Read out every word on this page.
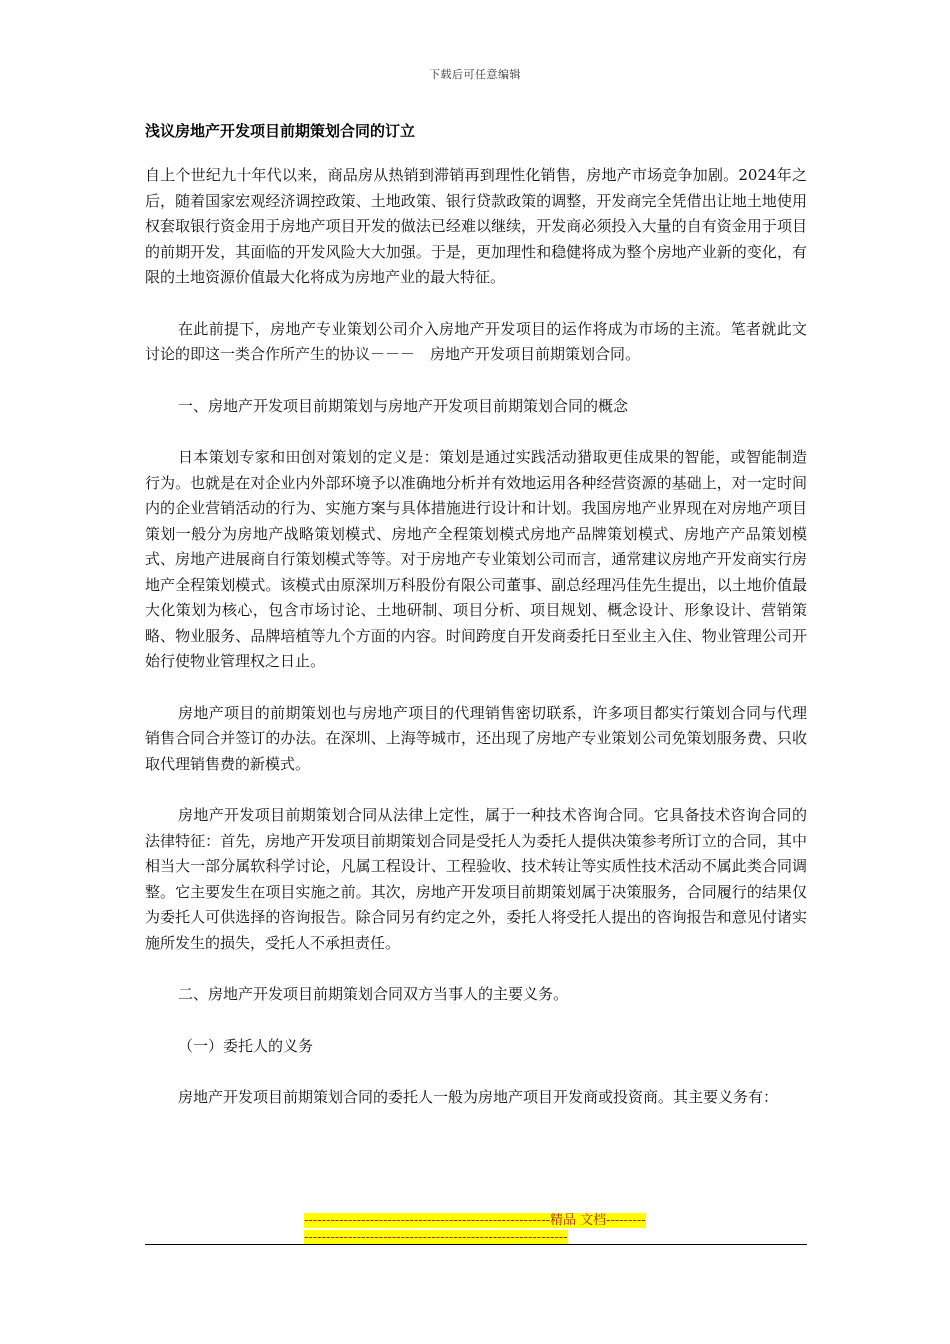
下载后可任意编辑
浅议房地产开发项目前期策划合同的订立

自上个世纪九十年代以来，商品房从热销到滞销再到理性化销售，房地产市场竞争加剧。2024年之后，随着国家宏观经济调控政策、土地政策、银行贷款政策的调整，开发商完全凭借出让地土地使用权套取银行资金用于房地产项目开发的做法已经难以继续，开发商必须投入大量的自有资金用于项目的前期开发，其面临的开发风险大大加强。于是，更加理性和稳健将成为整个房地产业新的变化，有限的土地资源价值最大化将成为房地产业的最大特征。

在此前提下，房地产专业策划公司介入房地产开发项目的运作将成为市场的主流。笔者就此文讨论的即这一类合作所产生的协议－－－　房地产开发项目前期策划合同。

一、房地产开发项目前期策划与房地产开发项目前期策划合同的概念

日本策划专家和田创对策划的定义是：策划是通过实践活动猎取更佳成果的智能，或智能制造行为。也就是在对企业内外部环境予以准确地分析并有效地运用各种经营资源的基础上，对一定时间内的企业营销活动的行为、实施方案与具体措施进行设计和计划。我国房地产业界现在对房地产项目策划一般分为房地产战略策划模式、房地产全程策划模式房地产品牌策划模式、房地产产品策划模式、房地产进展商自行策划模式等等。对于房地产专业策划公司而言，通常建议房地产开发商实行房地产全程策划模式。该模式由原深圳万科股份有限公司董事、副总经理冯佳先生提出，以土地价值最大化策划为核心，包含市场讨论、土地研制、项目分析、项目规划、概念设计、形象设计、营销策略、物业服务、品牌培植等九个方面的内容。时间跨度自开发商委托日至业主入住、物业管理公司开始行使物业管理权之日止。

房地产项目的前期策划也与房地产项目的代理销售密切联系，许多项目都实行策划合同与代理销售合同合并签订的办法。在深圳、上海等城市，还出现了房地产专业策划公司免策划服务费、只收取代理销售费的新模式。

房地产开发项目前期策划合同从法律上定性，属于一种技术咨询合同。它具备技术咨询合同的法律特征：首先，房地产开发项目前期策划合同是受托人为委托人提供决策参考所订立的合同，其中相当大一部分属软科学讨论，凡属工程设计、工程验收、技术转让等实质性技术活动不属此类合同调整。它主要发生在项目实施之前。其次，房地产开发项目前期策划属于决策服务，合同履行的结果仅为委托人可供选择的咨询报告。除合同另有约定之外，委托人将受托人提出的咨询报告和意见付诸实施所发生的损失，受托人不承担责任。

二、房地产开发项目前期策划合同双方当事人的主要义务。

（一）委托人的义务

房地产开发项目前期策划合同的委托人一般为房地产项目开发商或投资商。其主要义务有：

--------------------------------------------------------精品 文档---------------------------------------------------------------------
